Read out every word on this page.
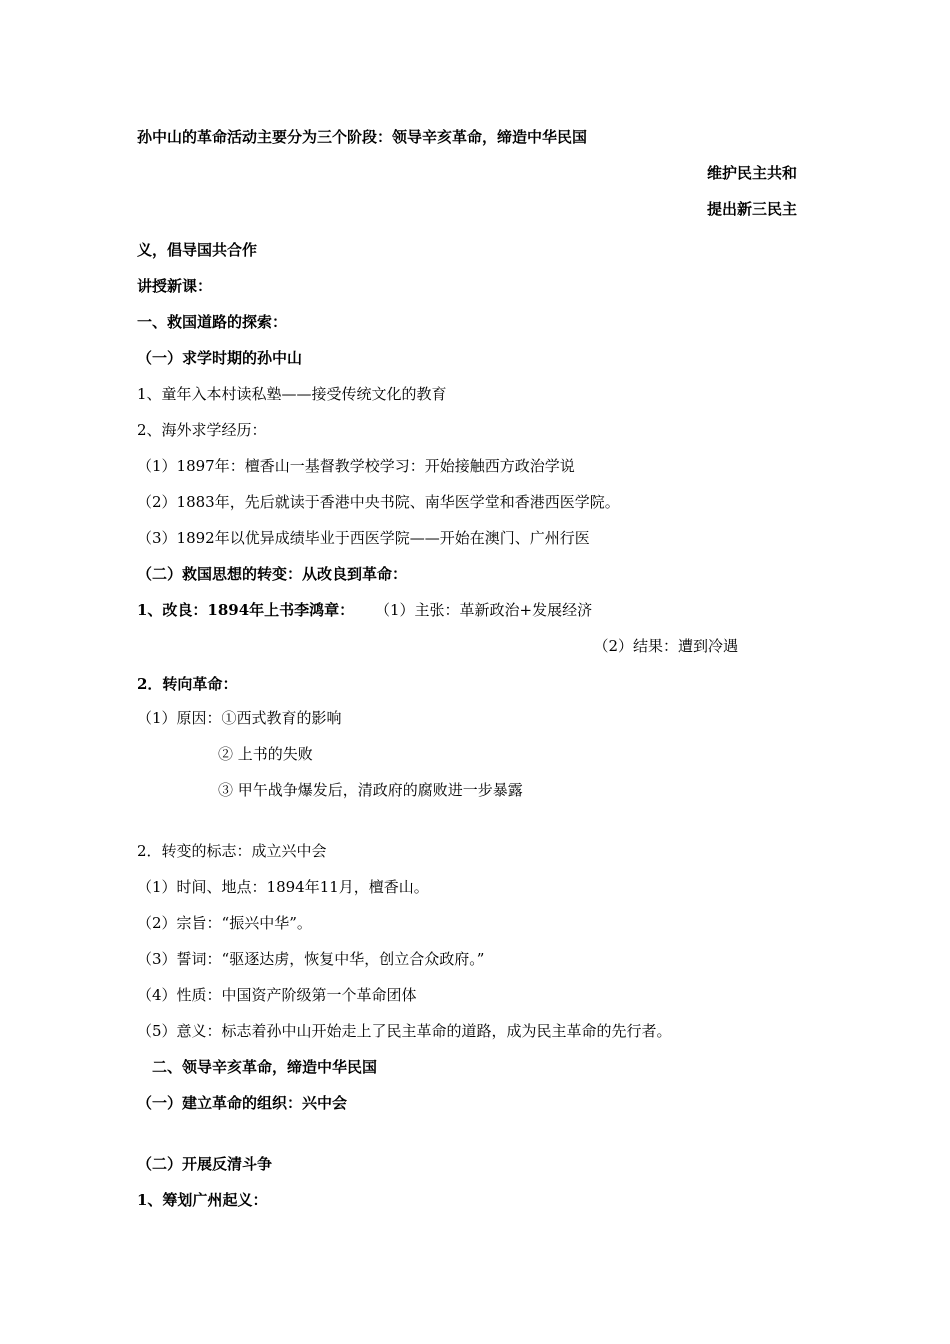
孙中山的革命活动主要分为三个阶段：领导辛亥革命，缔造中华民国
维护民主共和
提出新三民主
义，倡导国共合作
讲授新课：
一、救国道路的探索：
（一）求学时期的孙中山
1、童年入本村读私塾——接受传统文化的教育
2、海外求学经历：
（1）1897年：檀香山一基督教学校学习：开始接触西方政治学说
（2）1883年，先后就读于香港中央书院、南华医学堂和香港西医学院。
（3）1892年以优异成绩毕业于西医学院——开始在澳门、广州行医
（二）救国思想的转变：从改良到革命：
1、改良：1894年上书李鸿章： （1）主张：革新政治+发展经济
（2）结果：遭到冷遇
2．转向革命：
（1）原因：①西式教育的影响
② 上书的失败
③ 甲午战争爆发后，清政府的腐败进一步暴露
2．转变的标志：成立兴中会
（1）时间、地点：1894年11月，檀香山。
（2）宗旨：“振兴中华”。
（3）誓词：“驱逐达虏，恢复中华，创立合众政府。”
（4）性质：中国资产阶级第一个革命团体
（5）意义：标志着孙中山开始走上了民主革命的道路，成为民主革命的先行者。
二、领导辛亥革命，缔造中华民国
（一）建立革命的组织：兴中会
（二）开展反清斗争
1、筹划广州起义：
